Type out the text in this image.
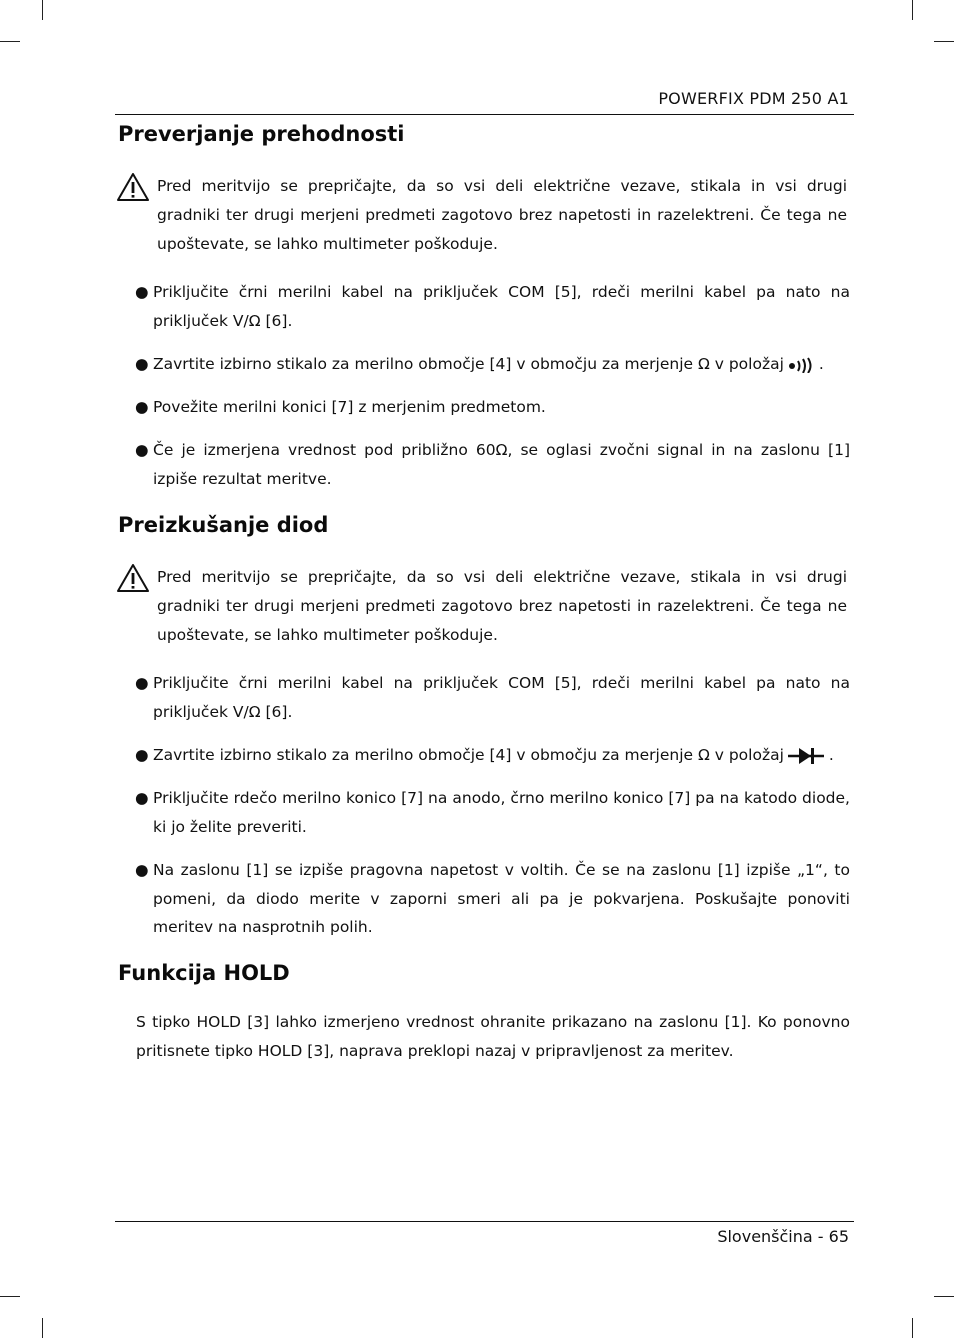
POWERFIX PDM 250 A1
Preverjanje prehodnosti

Pred meritvijo se prepričajte, da so vsi deli električne vezave, stikala in vsi drugi gradniki ter drugi merjeni predmeti zagotovo brez napetosti in razelektreni. Če tega ne upoštevate, se lahko multimeter poškoduje.

● Priključite črni merilni kabel na priključek COM [5], rdeči merilni kabel pa nato na priključek V/Ω [6].

● Zavrtite izbirno stikalo za merilno območje [4] v območju za merjenje Ω v položaj .

● Povežite merilni konici [7] z merjenim predmetom.

● Če je izmerjena vrednost pod približno 60Ω, se oglasi zvočni signal in na zaslonu [1] izpiše rezultat meritve.

Preizkušanje diod

Pred meritvijo se prepričajte, da so vsi deli električne vezave, stikala in vsi drugi gradniki ter drugi merjeni predmeti zagotovo brez napetosti in razelektreni. Če tega ne upoštevate, se lahko multimeter poškoduje.

● Priključite črni merilni kabel na priključek COM [5], rdeči merilni kabel pa nato na priključek V/Ω [6].

● Zavrtite izbirno stikalo za merilno območje [4] v območju za merjenje Ω v položaj	.

● Priključite rdečo merilno konico [7] na anodo, črno merilno konico [7] pa na katodo diode, ki jo želite preveriti.

● Na zaslonu [1] se izpiše pragovna napetost v voltih. Če se na zaslonu [1] izpiše „1“, to pomeni, da diodo merite v zaporni smeri ali pa je pokvarjena. Poskušajte ponoviti meritev na nasprotnih polih.

Funkcija HOLD

S tipko HOLD [3] lahko izmerjeno vrednost ohranite prikazano na zaslonu [1]. Ko ponovno pritisnete tipko HOLD [3], naprava preklopi nazaj v pripravljenost za meritev.

Slovenščina - 65
